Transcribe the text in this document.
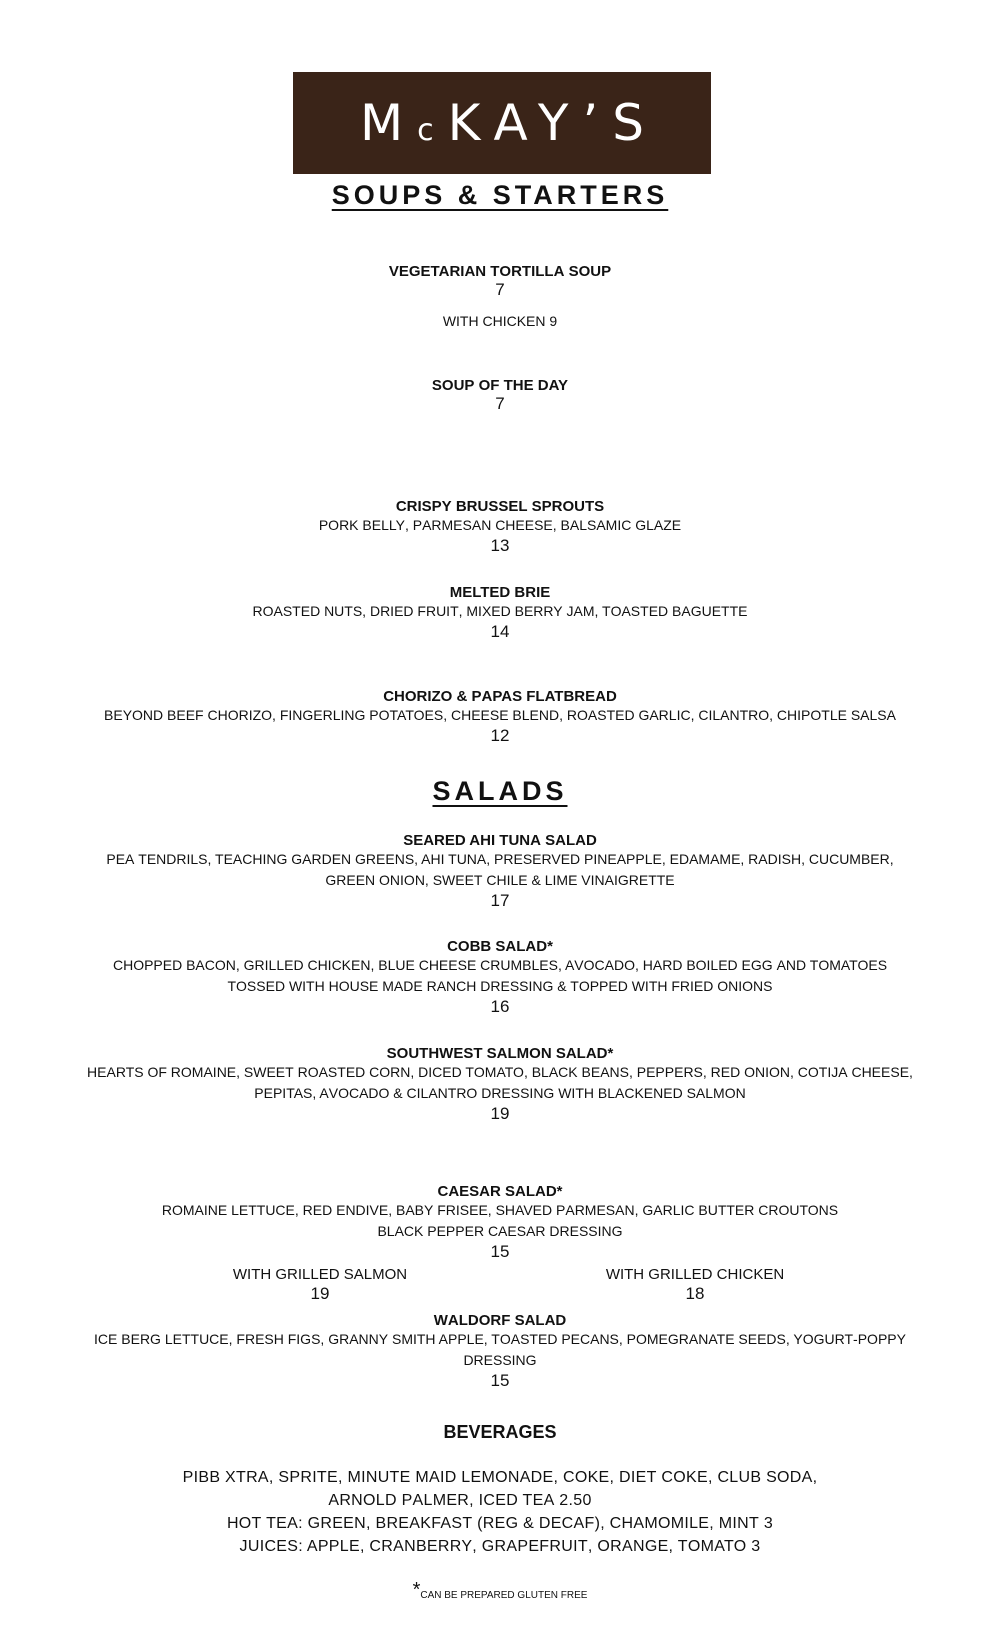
McKAY’S
SOUPS & STARTERS
Vegetarian Tortilla Soup
7
with chicken 9
Soup of the Day
7
Crispy Brussel Sprouts
Pork Belly, Parmesan Cheese, Balsamic Glaze
13
Melted Brie
Roasted Nuts, Dried Fruit, Mixed Berry Jam, Toasted Baguette
14
Chorizo & Papas Flatbread
Beyond Beef Chorizo, Fingerling Potatoes, Cheese Blend, Roasted Garlic, Cilantro, Chipotle Salsa
12
SALADS
Seared Ahi Tuna Salad
Pea tendrils, Teaching Garden Greens, Ahi Tuna, Preserved Pineapple, Edamame, Radish, Cucumber,
Green Onion, Sweet Chile & Lime Vinaigrette
17
Cobb Salad*
Chopped Bacon, Grilled Chicken, Blue Cheese Crumbles, Avocado, Hard Boiled Egg and Tomatoes
Tossed with House Made Ranch Dressing & Topped with Fried Onions
16
Southwest Salmon Salad*
Hearts of Romaine, Sweet Roasted Corn, Diced Tomato, Black Beans, Peppers, Red Onion, Cotija Cheese,
Pepitas, Avocado & Cilantro Dressing with Blackened Salmon
19
Caesar Salad*
Romaine Lettuce, Red Endive, Baby Frisee, Shaved Parmesan, Garlic Butter Croutons
Black Pepper Caesar Dressing
15
With Grilled Salmon
19
With Grilled Chicken
18
Waldorf Salad
Ice Berg Lettuce, Fresh Figs, Granny Smith Apple, Toasted Pecans, Pomegranate Seeds, Yogurt-Poppy
Dressing
15
Beverages
Pibb Xtra, Sprite, Minute Maid Lemonade, Coke, Diet Coke, Club Soda,
Arnold Palmer, Iced Tea 2.50
Hot Tea: Green, Breakfast (Reg & Decaf), Chamomile, Mint 3
Juices: Apple, Cranberry, Grapefruit, Orange, Tomato 3
*CAN BE PREPARED GLUTEN FREE
